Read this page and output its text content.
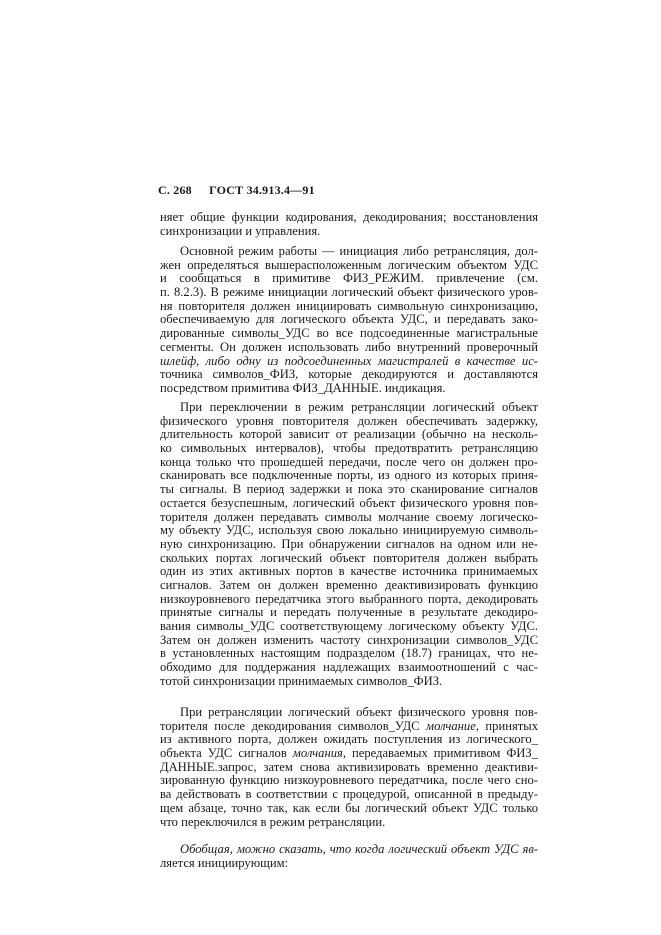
С. 268 ГОСТ 34.913.4—91
няет общие функции кодирования, декодирования; восстановления
синхронизации и управления.
Основной режим работы — инициация либо ретрансляция, дол-
жен определяться вышерасположенным логическим объектом УДС
и сообщаться в примитиве ФИЗ_РЕЖИМ. привлечение (см.
п. 8.2.3). В режиме инициации логический объект физического уров-
ня повторителя должен инициировать символьную синхронизацию,
обеспечиваемую для логического объекта УДС, и передавать зако-
дированные символы_УДС во все подсоединенные магистральные
сегменты. Он должен использовать либо внутренний проверочный
шлейф, либо одну из подсоединенных магистралей в качестве ис-
точника символов_ФИЗ, которые декодируются и доставляются
посредством примитива ФИЗ_ДАННЫЕ. индикация.
При переключении в режим ретрансляции логический объект
физического уровня повторителя должен обеспечивать задержку,
длительность которой зависит от реализации (обычно на несколь-
ко символьных интервалов), чтобы предотвратить ретрансляцию
конца только что прошедшей передачи, после чего он должен про-
сканировать все подключенные порты, из одного из которых приня-
ты сигналы. В период задержки и пока это сканирование сигналов
остается безуспешным, логический объект физического уровня пов-
торителя должен передавать символы молчание своему логическо-
му объекту УДС, используя свою локально инициируемую символь-
ную синхронизацию. При обнаружении сигналов на одном или не-
скольких портах логический объект повторителя должен выбрать
один из этих активных портов в качестве источника принимаемых
сигналов. Затем он должен временно деактивизировать функцию
низкоуровневого передатчика этого выбранного порта, декодировать
принятые сигналы и передать полученные в результате декодиро-
вания символы_УДС соответствующему логическому объекту УДС.
Затем он должен изменить частоту синхронизации символов_УДС
в установленных настоящим подразделом (18.7) границах, что не-
обходимо для поддержания надлежащих взаимоотношений с час-
тотой синхронизации принимаемых символов_ФИЗ.
При ретрансляции логический объект физического уровня пов-
торителя после декодирования символов_УДС молчание, принятых
из активного порта, должен ожидать поступления из логического_
объекта УДС сигналов молчания, передаваемых примитивом ФИЗ_
ДАННЫЕ.запрос, затем снова активизировать временно деактиви-
зированную функцию низкоуровневого передатчика, после чего сно-
ва действовать в соответствии с процедурой, описанной в предыду-
щем абзаце, точно так, как если бы логический объект УДС только
что переключился в режим ретрансляции.
Обобщая, можно сказать, что когда логический объект УДС яв-
ляется инициирующим:
